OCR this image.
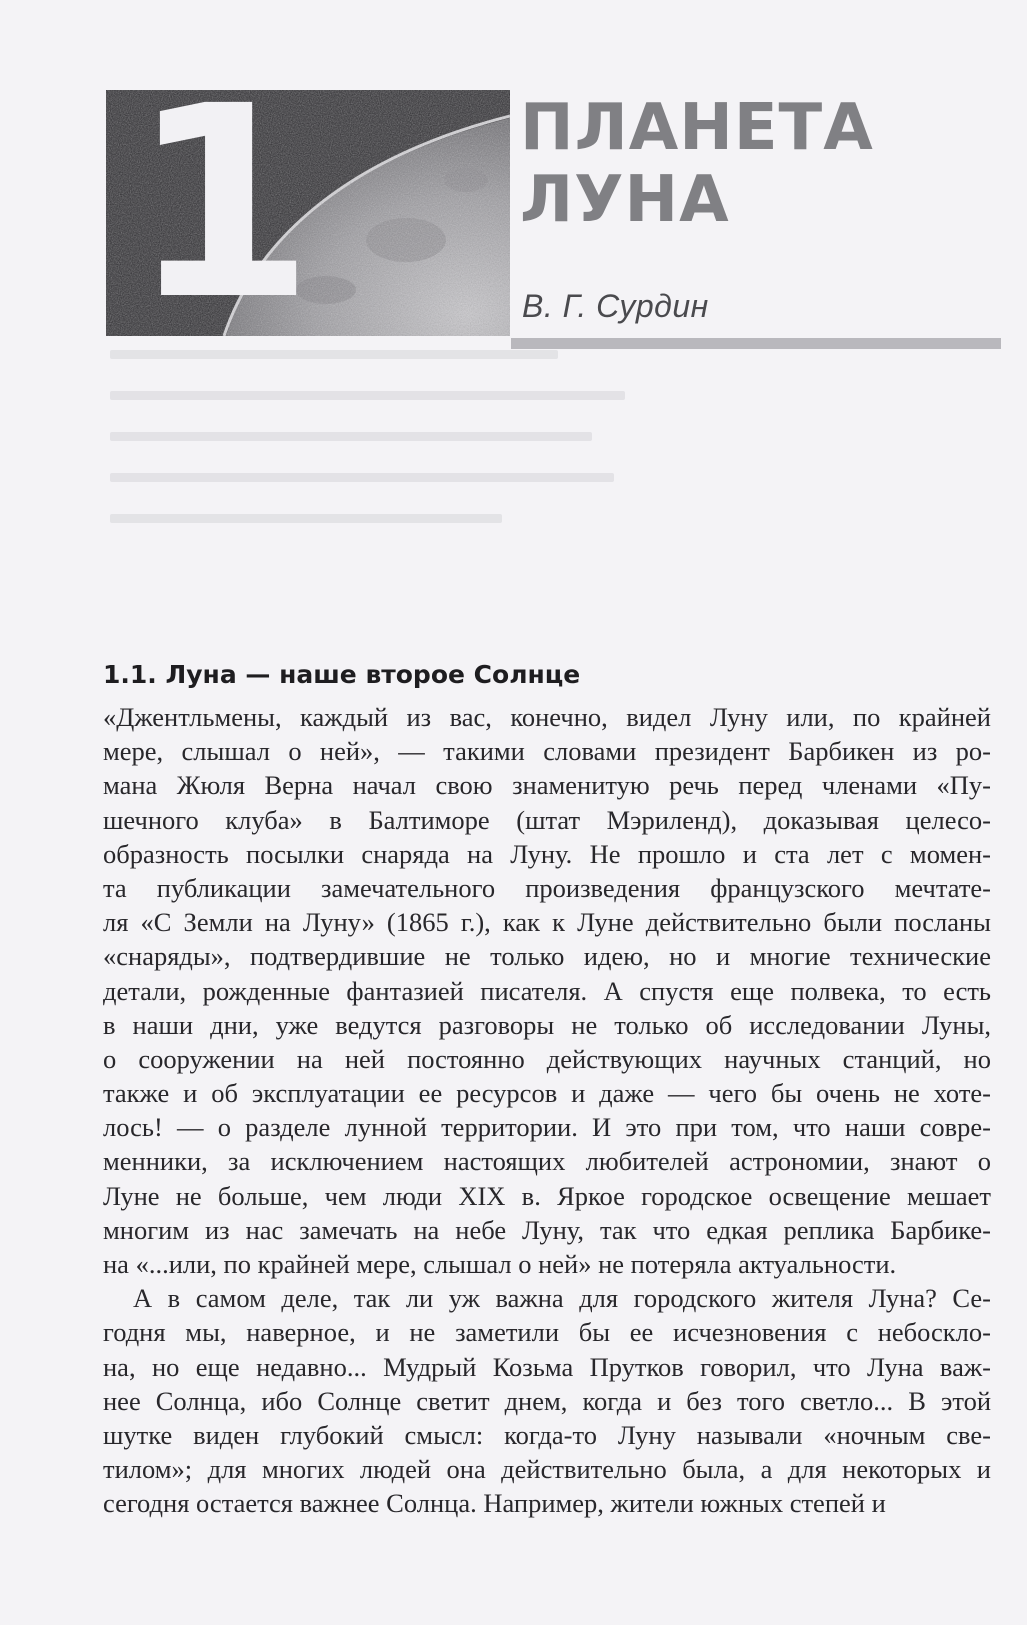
1	ПЛАНЕТА
ЛУНА
В. Г. Сурдин
1.1. Луна — наше второе Солнце
«Джентльмены, каждый из вас, конечно, видел Луну или, по крайней
мере, слышал о ней», — такими словами президент Барбикен из ро-
мана Жюля Верна начал свою знаменитую речь перед членами «Пу-
шечного клуба» в Балтиморе (штат Мэриленд), доказывая целесо-
образность посылки снаряда на Луну. Не прошло и ста лет с момен-
та публикации замечательного произведения французского мечтате-
ля «С Земли на Луну» (1865 г.), как к Луне действительно были посланы
«снаряды», подтвердившие не только идею, но и многие технические
детали, рожденные фантазией писателя. А спустя еще полвека, то есть
в наши дни, уже ведутся разговоры не только об исследовании Луны,
о сооружении на ней постоянно действующих научных станций, но
также и об эксплуатации ее ресурсов и даже — чего бы очень не хоте-
лось! — о разделе лунной территории. И это при том, что наши совре-
менники, за исключением настоящих любителей астрономии, знают о
Луне не больше, чем люди XIX в. Яркое городское освещение мешает
многим из нас замечать на небе Луну, так что едкая реплика Барбике-
на «...или, по крайней мере, слышал о ней» не потеряла актуальности.
А в самом деле, так ли уж важна для городского жителя Луна? Се-
годня мы, наверное, и не заметили бы ее исчезновения с небоскло-
на, но еще недавно... Мудрый Козьма Прутков говорил, что Луна важ-
нее Солнца, ибо Солнце светит днем, когда и без того светло... В этой
шутке виден глубокий смысл: когда-то Луну называли «ночным све-
тилом»; для многих людей она действительно была, а для некоторых и
сегодня остается важнее Солнца. Например, жители южных степей и
